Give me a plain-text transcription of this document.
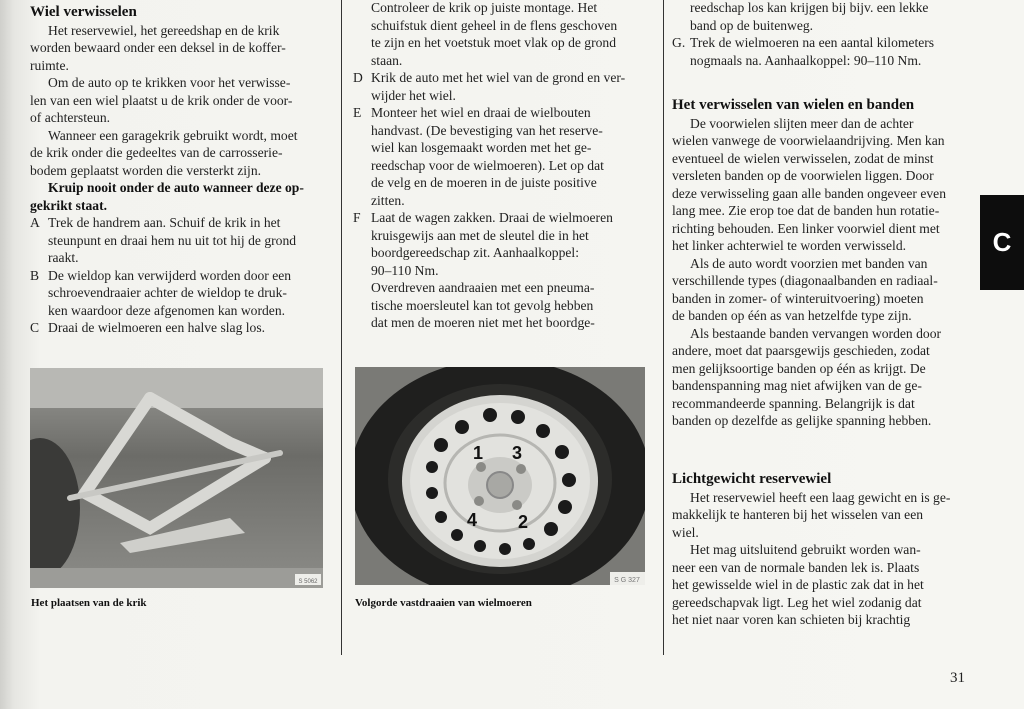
Wiel verwisselen
Het reservewiel, het gereedshap en de krik
worden bewaard onder een deksel in de koffer-
ruimte.
Om de auto op te krikken voor het verwisse-
len van een wiel plaatst u de krik onder de voor-
of achtersteun.
Wanneer een garagekrik gebruikt wordt, moet
de krik onder die gedeeltes van de carrosserie-
bodem geplaatst worden die versterkt zijn.
Kruip nooit onder de auto wanneer deze op-
gekrikt staat.
A Trek de handrem aan. Schuif de krik in het
steunpunt en draai hem nu uit tot hij de grond
raakt.
B De wieldop kan verwijderd worden door een
schroevendraaier achter de wieldop te druk-
ken waardoor deze afgenomen kan worden.
C Draai de wielmoeren een halve slag los.
Controleer de krik op juiste montage. Het
schuifstuk dient geheel in de flens geschoven
te zijn en het voetstuk moet vlak op de grond
staan.
D Krik de auto met het wiel van de grond en ver-
wijder het wiel.
E Monteer het wiel en draai de wielbouten
handvast. (De bevestiging van het reserve-
wiel kan losgemaakt worden met het ge-
reedschap voor de wielmoeren). Let op dat
de velg en de moeren in de juiste positive
zitten.
F Laat de wagen zakken. Draai de wielmoeren
kruisgewijs aan met de sleutel die in het
boordgereedschap zit. Aanhaalkoppel:
90–110 Nm.
Overdreven aandraaien met een pneuma-
tische moersleutel kan tot gevolg hebben
dat men de moeren niet met het boordge-
reedschap los kan krijgen bij bijv. een lekke
band op de buitenweg.
G. Trek de wielmoeren na een aantal kilometers
nogmaals na. Aanhaalkoppel: 90–110 Nm.
Het verwisselen van wielen en banden
De voorwielen slijten meer dan de achter
wielen vanwege de voorwielaandrijving. Men kan
eventueel de wielen verwisselen, zodat de minst
versleten banden op de voorwielen liggen. Door
deze verwisseling gaan alle banden ongeveer even
lang mee. Zie erop toe dat de banden hun rotatie-
richting behouden. Een linker voorwiel dient met
het linker achterwiel te worden verwisseld.
Als de auto wordt voorzien met banden van
verschillende types (diagonaalbanden en radiaal-
banden in zomer- of winteruitvoering) moeten
de banden op één as van hetzelfde type zijn.
Als bestaande banden vervangen worden door
andere, moet dat paarsgewijs geschieden, zodat
men gelijksoortige banden op één as krijgt. De
bandenspanning mag niet afwijken van de ge-
recommandeerde spanning. Belangrijk is dat
banden op dezelfde as gelijke spanning hebben.
Lichtgewicht reservewiel
Het reservewiel heeft een laag gewicht en is ge-
makkelijk te hanteren bij het wisselen van een
wiel.
Het mag uitsluitend gebruikt worden wan-
neer een van de normale banden lek is. Plaats
het gewisselde wiel in de plastic zak dat in het
gereedschapvak ligt. Leg het wiel zodanig dat
het niet naar voren kan schieten bij krachtig
S 5062
Het plaatsen van de krik
1
2
3
4
S G 327
Volgorde vastdraaien van wielmoeren
C
31
